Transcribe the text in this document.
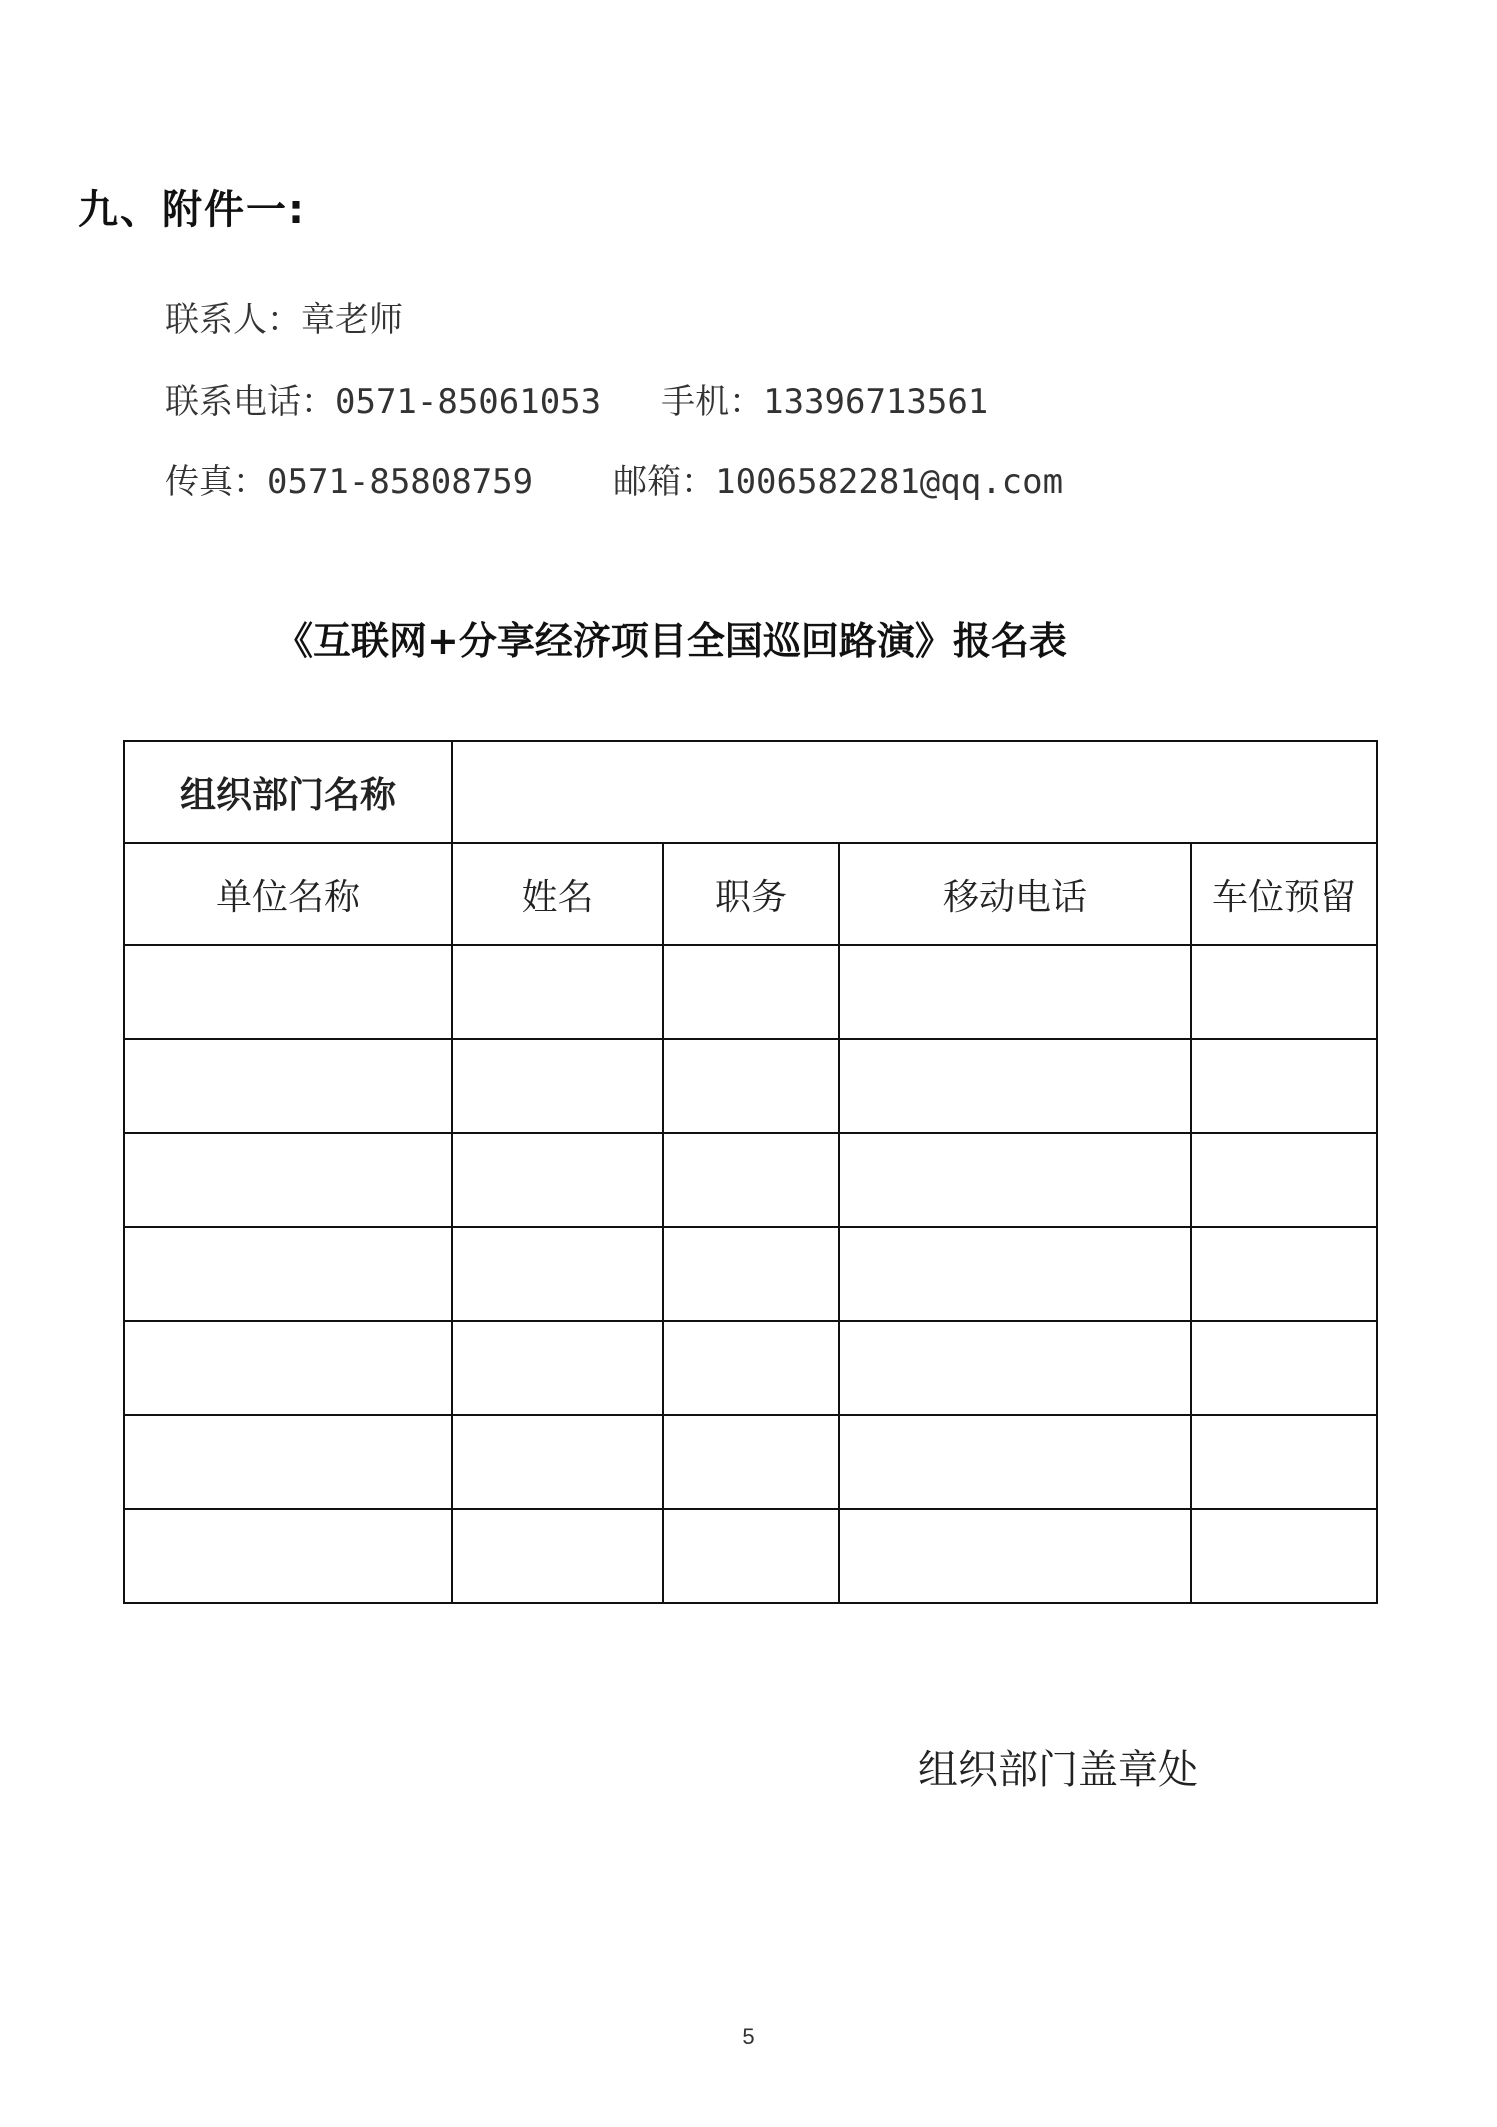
九、附件一:
联系人：章老师
联系电话：0571-85061053 手机：13396713561
传真：0571-85808759 邮箱：1006582281@qq.com
《互联网+分享经济项目全国巡回路演》报名表
组织部门名称				
单位名称	姓名	职务	移动电话	车位预留

组织部门盖章处
5
